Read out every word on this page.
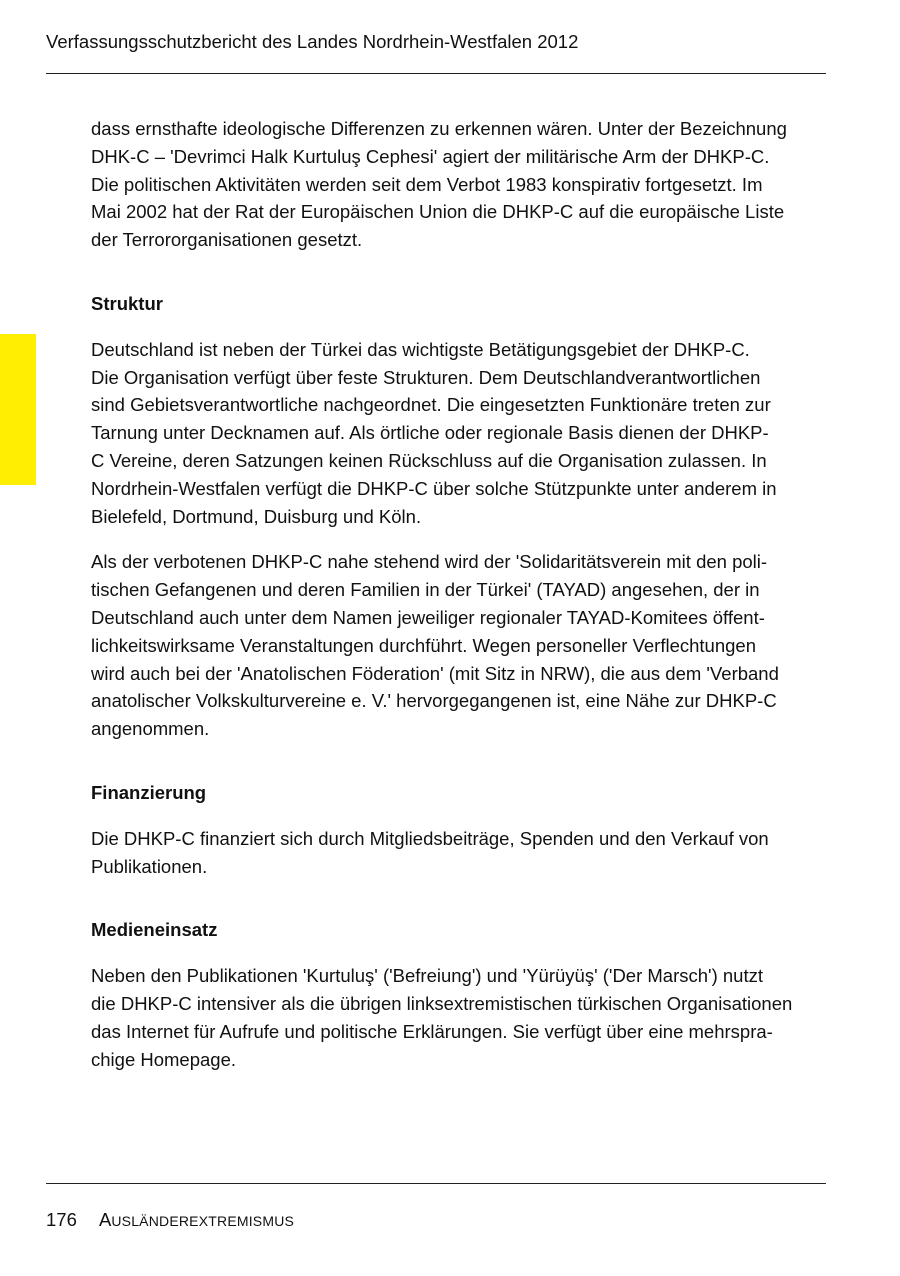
Verfassungsschutzbericht des Landes Nordrhein-Westfalen 2012

dass ernsthafte ideologische Differenzen zu erkennen wären. Unter der Bezeichnung
DHK-C – 'Devrimci Halk Kurtuluş Cephesi' agiert der militärische Arm der DHKP-C.
Die politischen Aktivitäten werden seit dem Verbot 1983 konspirativ fortgesetzt. Im
Mai 2002 hat der Rat der Europäischen Union die DHKP-C auf die europäische Liste
der Terrororganisationen gesetzt.

Struktur

Deutschland ist neben der Türkei das wichtigste Betätigungsgebiet der DHKP-C.
Die Organisation verfügt über feste Strukturen. Dem Deutschlandverantwortlichen
sind Gebietsverantwortliche nachgeordnet. Die eingesetzten Funktionäre treten zur
Tarnung unter Decknamen auf. Als örtliche oder regionale Basis dienen der DHKP-
C Vereine, deren Satzungen keinen Rückschluss auf die Organisation zulassen. In
Nordrhein-Westfalen verfügt die DHKP-C über solche Stützpunkte unter anderem in
Bielefeld, Dortmund, Duisburg und Köln.

Als der verbotenen DHKP-C nahe stehend wird der 'Solidaritätsverein mit den poli-
tischen Gefangenen und deren Familien in der Türkei' (TAYAD) angesehen, der in
Deutschland auch unter dem Namen jeweiliger regionaler TAYAD-Komitees öffent-
lichkeitswirksame Veranstaltungen durchführt. Wegen personeller Verflechtungen
wird auch bei der 'Anatolischen Föderation' (mit Sitz in NRW), die aus dem 'Verband
anatolischer Volkskulturvereine e. V.' hervorgegangenen ist, eine Nähe zur DHKP-C
angenommen.

Finanzierung

Die DHKP-C finanziert sich durch Mitgliedsbeiträge, Spenden und den Verkauf von
Publikationen.

Medieneinsatz

Neben den Publikationen 'Kurtuluş' ('Befreiung') und 'Yürüyüş' ('Der Marsch') nutzt
die DHKP-C intensiver als die übrigen linksextremistischen türkischen Organisationen
das Internet für Aufrufe und politische Erklärungen. Sie verfügt über eine mehrspra-
chige Homepage.

176 AUSLÄNDEREXTREMISMUS
